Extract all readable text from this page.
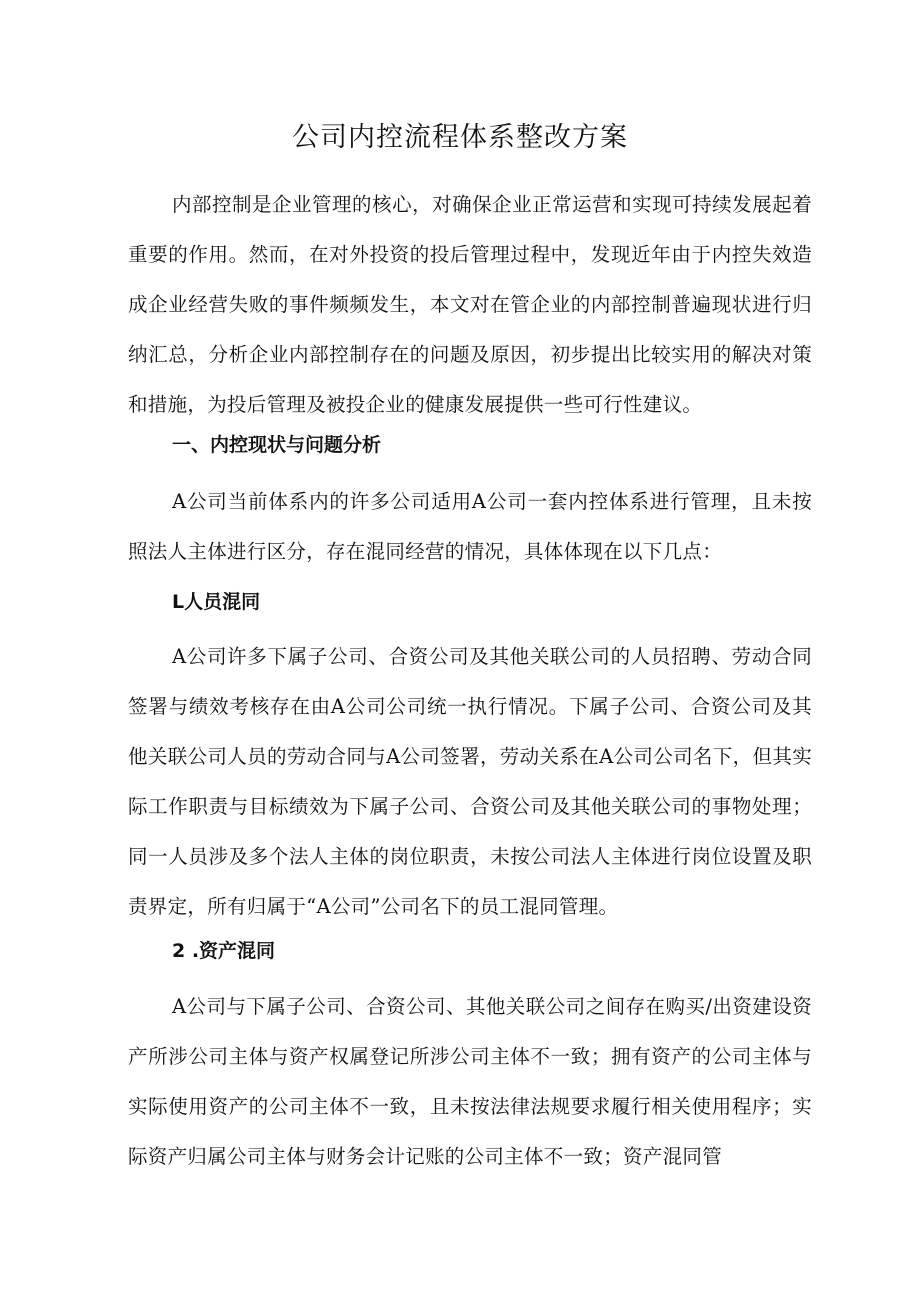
公司内控流程体系整改方案

内部控制是企业管理的核心，对确保企业正常运营和实现可持续发展起着重要的作用。然而，在对外投资的投后管理过程中，发现近年由于内控失效造成企业经营失败的事件频频发生，本文对在管企业的内部控制普遍现状进行归纳汇总，分析企业内部控制存在的问题及原因，初步提出比较实用的解决对策和措施，为投后管理及被投企业的健康发展提供一些可行性建议。

一、内控现状与问题分析

A公司当前体系内的许多公司适用A公司一套内控体系进行管理，且未按照法人主体进行区分，存在混同经营的情况，具体体现在以下几点：

L人员混同

A公司许多下属子公司、合资公司及其他关联公司的人员招聘、劳动合同签署与绩效考核存在由A公司公司统一执行情况。下属子公司、合资公司及其他关联公司人员的劳动合同与A公司签署，劳动关系在A公司公司名下，但其实际工作职责与目标绩效为下属子公司、合资公司及其他关联公司的事物处理；同一人员涉及多个法人主体的岗位职责，未按公司法人主体进行岗位设置及职责界定，所有归属于“A公司”公司名下的员工混同管理。

2 .资产混同

A公司与下属子公司、合资公司、其他关联公司之间存在购买/出资建设资产所涉公司主体与资产权属登记所涉公司主体不一致；拥有资产的公司主体与实际使用资产的公司主体不一致，且未按法律法规要求履行相关使用程序；实际资产归属公司主体与财务会计记账的公司主体不一致；资产混同管
